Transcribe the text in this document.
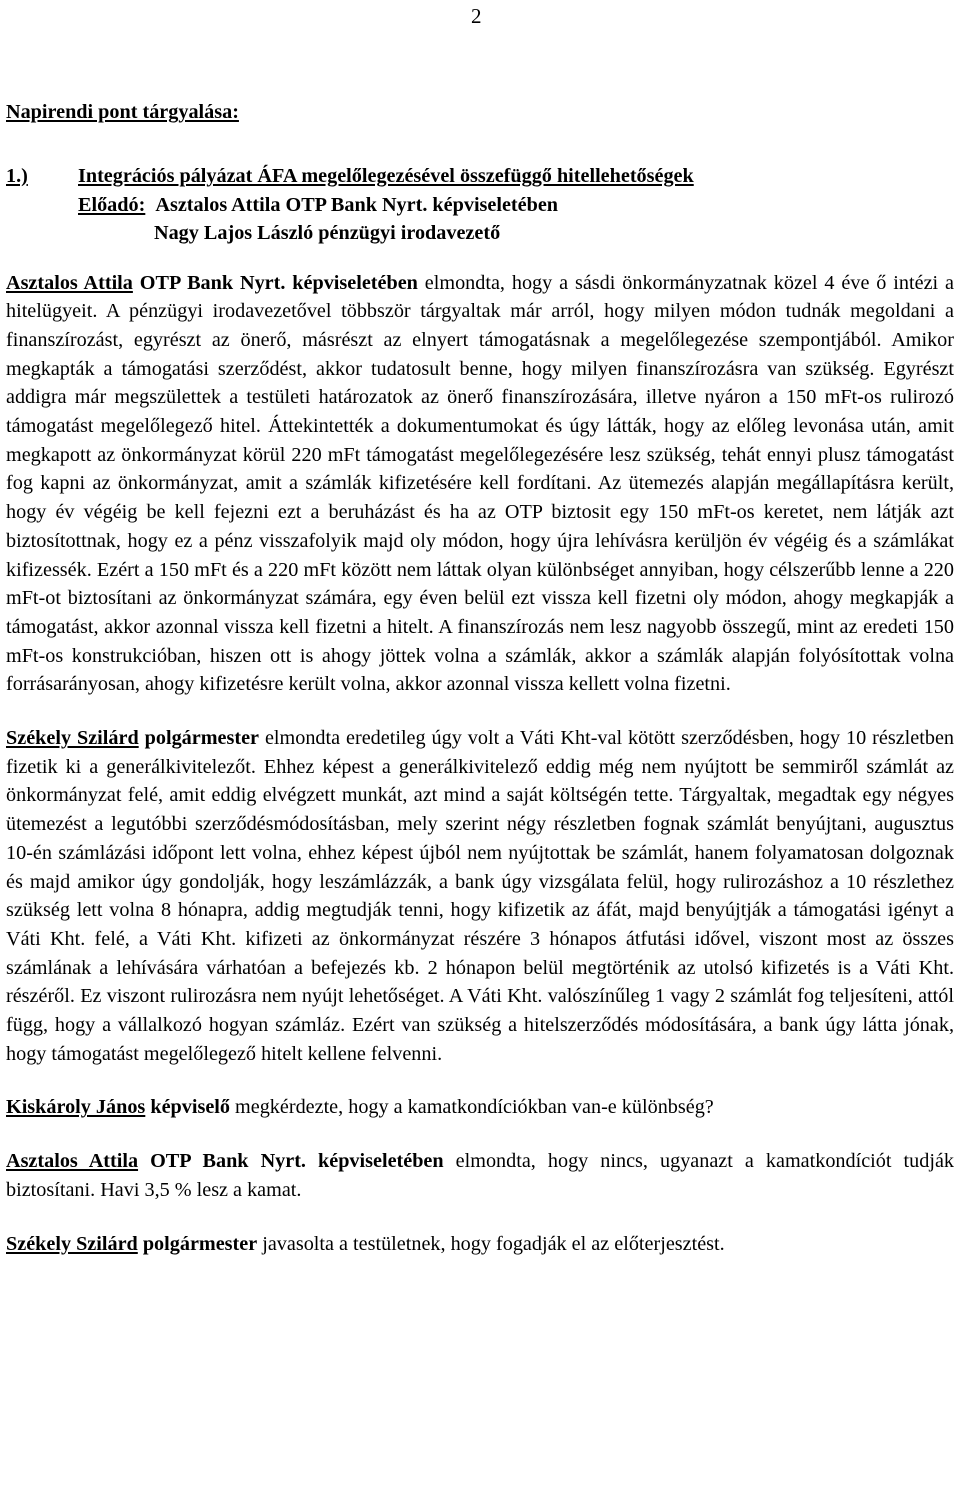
2

Napirendi pont tárgyalása:

1.) Integrációs pályázat ÁFA megelőlegezésével összefüggő hitellehetőségek
Előadó: Asztalos Attila OTP Bank Nyrt. képviseletében
Nagy Lajos László pénzügyi irodavezető

Asztalos Attila OTP Bank Nyrt. képviseletében elmondta, hogy a sásdi önkormányzatnak közel 4 éve ő intézi a hitelügyeit. A pénzügyi irodavezetővel többször tárgyaltak már arról, hogy milyen módon tudnák megoldani a finanszírozást, egyrészt az önerő, másrészt az elnyert támogatásnak a megelőlegezése szempontjából. Amikor megkapták a támogatási szerződést, akkor tudatosult benne, hogy milyen finanszírozásra van szükség. Egyrészt addigra már megszülettek a testületi határozatok az önerő finanszírozására, illetve nyáron a 150 mFt-os rulirozó támogatást megelőlegező hitel. Áttekintették a dokumentumokat és úgy látták, hogy az előleg levonása után, amit megkapott az önkormányzat körül 220 mFt támogatást megelőlegezésére lesz szükség, tehát ennyi plusz támogatást fog kapni az önkormányzat, amit a számlák kifizetésére kell fordítani. Az ütemezés alapján megállapításra került, hogy év végéig be kell fejezni ezt a beruházást és ha az OTP biztosit egy 150 mFt-os keretet, nem látják azt biztosítottnak, hogy ez a pénz visszafolyik majd oly módon, hogy újra lehívásra kerüljön év végéig és a számlákat kifizessék. Ezért a 150 mFt és a 220 mFt között nem láttak olyan különbséget annyiban, hogy célszerűbb lenne a 220 mFt-ot biztosítani az önkormányzat számára, egy éven belül ezt vissza kell fizetni oly módon, ahogy megkapják a támogatást, akkor azonnal vissza kell fizetni a hitelt. A finanszírozás nem lesz nagyobb összegű, mint az eredeti 150 mFt-os konstrukcióban, hiszen ott is ahogy jöttek volna a számlák, akkor a számlák alapján folyósítottak volna forrásarányosan, ahogy kifizetésre került volna, akkor azonnal vissza kellett volna fizetni.

Székely Szilárd polgármester elmondta eredetileg úgy volt a Váti Kht-val kötött szerződésben, hogy 10 részletben fizetik ki a generálkivitelezőt. Ehhez képest a generálkivitelező eddig még nem nyújtott be semmiről számlát az önkormányzat felé, amit eddig elvégzett munkát, azt mind a saját költségén tette. Tárgyaltak, megadtak egy négyes ütemezést a legutóbbi szerződésmódosításban, mely szerint négy részletben fognak számlát benyújtani, augusztus 10-én számlázási időpont lett volna, ehhez képest újból nem nyújtottak be számlát, hanem folyamatosan dolgoznak és majd amikor úgy gondolják, hogy leszámlázzák, a bank úgy vizsgálata felül, hogy rulirozáshoz a 10 részlethez szükség lett volna 8 hónapra, addig megtudják tenni, hogy kifizetik az áfát, majd benyújtják a támogatási igényt a Váti Kht. felé, a Váti Kht. kifizeti az önkormányzat részére 3 hónapos átfutási idővel, viszont most az összes számlának a lehívására várhatóan a befejezés kb. 2 hónapon belül megtörténik az utolsó kifizetés is a Váti Kht. részéről. Ez viszont rulirozásra nem nyújt lehetőséget. A Váti Kht. valószínűleg 1 vagy 2 számlát fog teljesíteni, attól függ, hogy a vállalkozó hogyan számláz. Ezért van szükség a hitelszerződés módosítására, a bank úgy látta jónak, hogy támogatást megelőlegező hitelt kellene felvenni.

Kiskároly János képviselő megkérdezte, hogy a kamatkondíciókban van-e különbség?

Asztalos Attila OTP Bank Nyrt. képviseletében elmondta, hogy nincs, ugyanazt a kamatkondíciót tudják biztosítani. Havi 3,5 % lesz a kamat.

Székely Szilárd polgármester javasolta a testületnek, hogy fogadják el az előterjesztést.
